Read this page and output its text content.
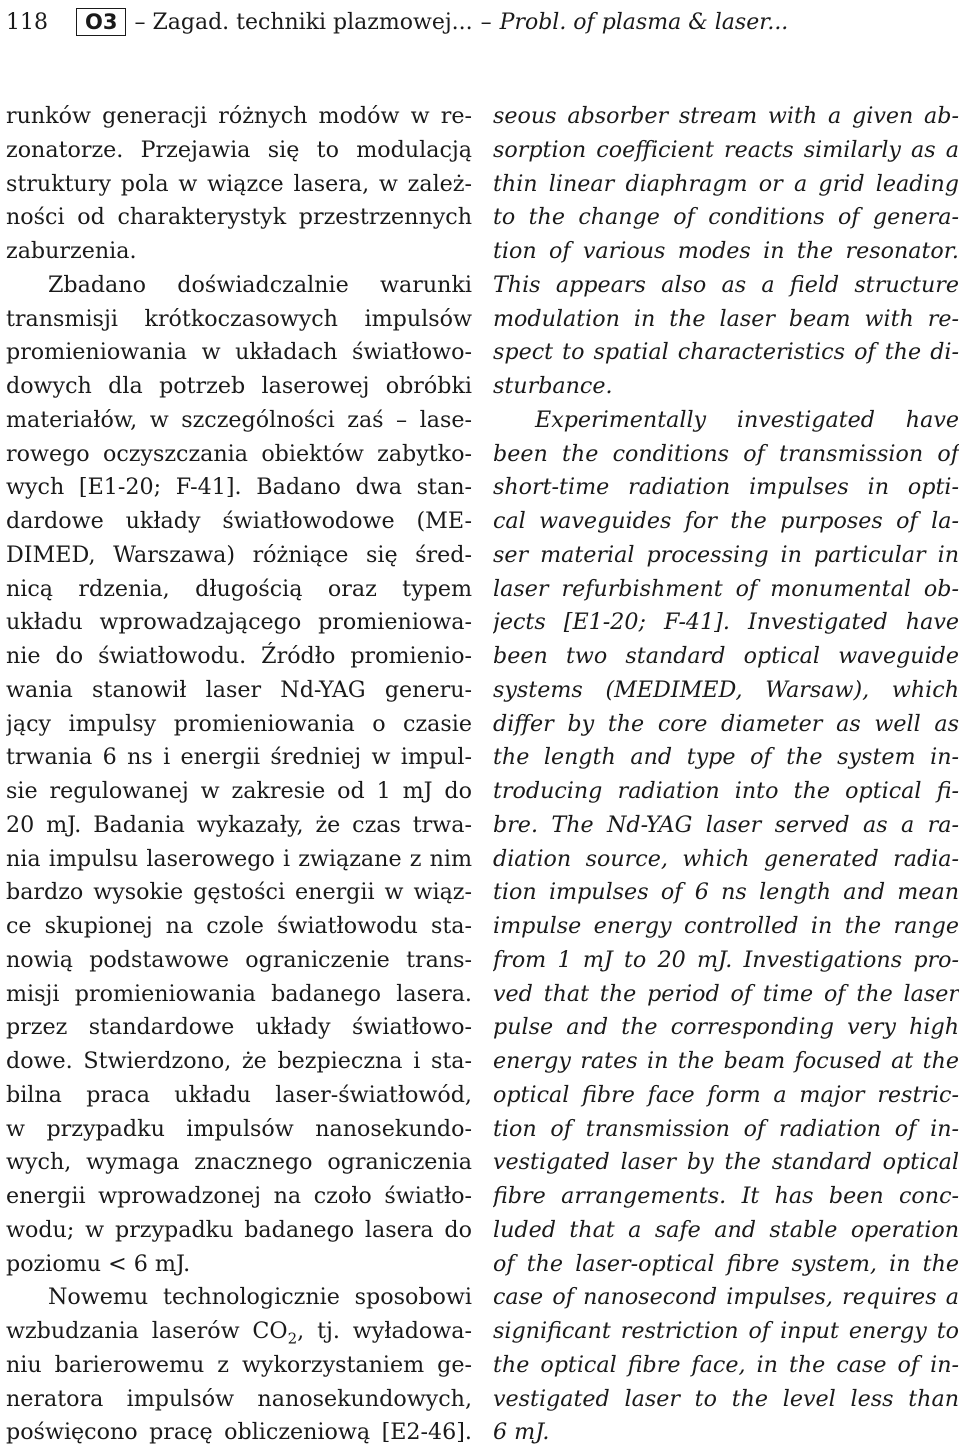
118	O3 – Zagad. techniki plazmowej... – Probl. of plasma & laser...

runków generacji różnych modów w re-
zonatorze. Przejawia się to modulacją
struktury pola w wiązce lasera, w zależ-
ności od charakterystyk przestrzennych
zaburzenia.

Zbadano doświadczalnie warunki
transmisji krótkoczasowych impulsów
promieniowania w układach światłowo-
dowych dla potrzeb laserowej obróbki
materiałów, w szczególności zaś – lase-
rowego oczyszczania obiektów zabytko-
wych [E1-20; F-41]. Badano dwa stan-
dardowe układy światłowodowe (ME-
DIMED, Warszawa) różniące się śred-
nicą rdzenia, długością oraz typem
układu wprowadzającego promieniowa-
nie do światłowodu. Źródło promienio-
wania stanowił laser Nd-YAG generu-
jący impulsy promieniowania o czasie
trwania 6 ns i energii średniej w impul-
sie regulowanej w zakresie od 1 mJ do
20 mJ. Badania wykazały, że czas trwa-
nia impulsu laserowego i związane z nim
bardzo wysokie gęstości energii w wiąz-
ce skupionej na czole światłowodu sta-
nowią podstawowe ograniczenie trans-
misji promieniowania badanego lasera.
przez standardowe układy światłowo-
dowe. Stwierdzono, że bezpieczna i sta-
bilna praca układu laser-światłowód,
w przypadku impulsów nanosekundo-
wych, wymaga znacznego ograniczenia
energii wprowadzonej na czoło światło-
wodu; w przypadku badanego lasera do
poziomu < 6 mJ.

Nowemu technologicznie sposobowi
wzbudzania laserów $CO_2$, tj. wyładowa-
niu barierowemu z wykorzystaniem ge-
neratora impulsów nanosekundowych,
poświęcono pracę obliczeniową [E2-46].

seous absorber stream with a given ab-
sorption coefficient reacts similarly as a
thin linear diaphragm or a grid leading
to the change of conditions of genera-
tion of various modes in the resonator.
This appears also as a field structure
modulation in the laser beam with re-
spect to spatial characteristics of the di-
sturbance.

Experimentally investigated have
been the conditions of transmission of
short-time radiation impulses in opti-
cal waveguides for the purposes of la-
ser material processing in particular in
laser refurbishment of monumental ob-
jects [E1-20; F-41]. Investigated have
been two standard optical waveguide
systems (MEDIMED, Warsaw), which
differ by the core diameter as well as
the length and type of the system in-
troducing radiation into the optical fi-
bre. The Nd-YAG laser served as a ra-
diation source, which generated radia-
tion impulses of 6 ns length and mean
impulse energy controlled in the range
from 1 mJ to 20 mJ. Investigations pro-
ved that the period of time of the laser
pulse and the corresponding very high
energy rates in the beam focused at the
optical fibre face form a major restric-
tion of transmission of radiation of in-
vestigated laser by the standard optical
fibre arrangements. It has been conc-
luded that a safe and stable operation
of the laser-optical fibre system, in the
case of nanosecond impulses, requires a
significant restriction of input energy to
the optical fibre face, in the case of in-
vestigated laser to the level less than
6 mJ.
